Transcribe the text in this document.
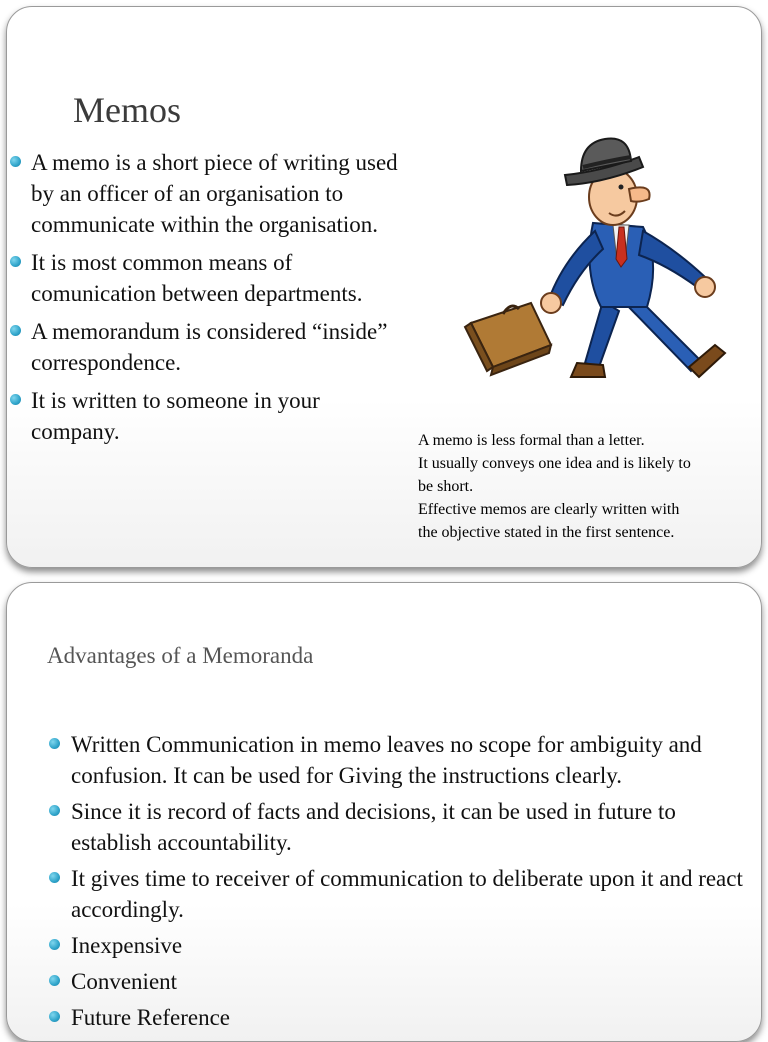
Memos
A memo is a short piece of writing used by an officer of an organisation to communicate within the organisation.
It is most common means of comunication between departments.
A memorandum is considered “inside” correspondence.
It is written to someone in your company.	A memo is less formal than a letter.
It usually conveys one idea and is likely to
be short.
Effective memos are clearly written with
the objective stated in the first sentence.
Advantages of a Memoranda
Written Communication in memo leaves no scope for ambiguity and confusion. It can be used for Giving the instructions clearly.
Since it is record of facts and decisions, it can be used in future to establish accountability.
It gives time to receiver of communication to deliberate upon it and react accordingly.
Inexpensive
Convenient
Future Reference
